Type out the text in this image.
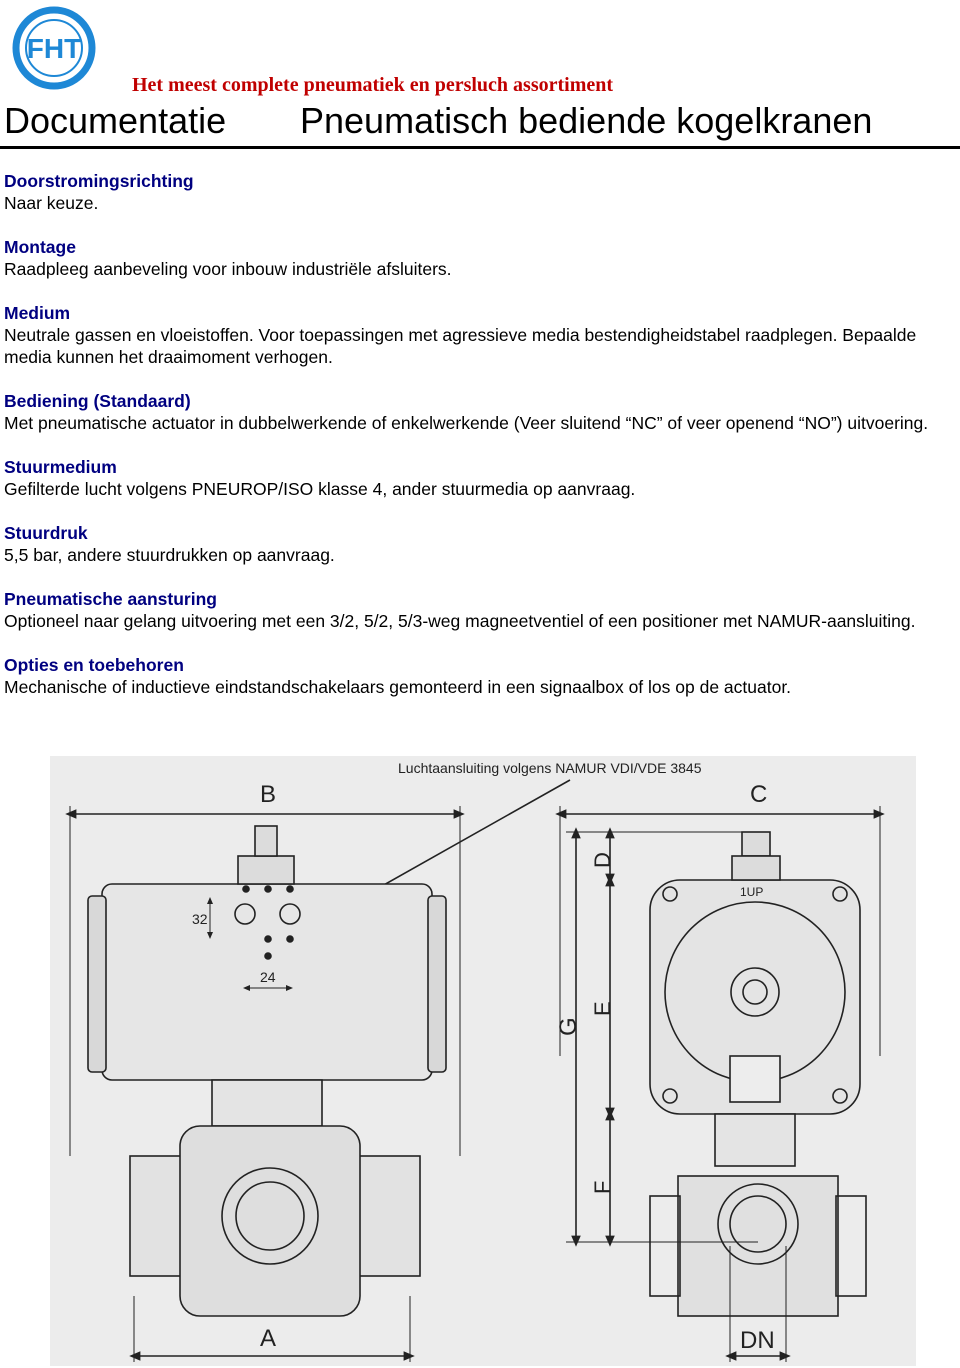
FHT
Het meest complete pneumatiek en persluch assortiment
Documentatie Pneumatisch bediende kogelkranen
Doorstromingsrichting
Naar keuze.
Montage
Raadpleeg aanbeveling voor inbouw industriële afsluiters.
Medium
Neutrale gassen en vloeistoffen. Voor toepassingen met agressieve media bestendigheidstabel raadplegen. Bepaalde media kunnen het draaimoment verhogen.
Bediening (Standaard)
Met pneumatische actuator in dubbelwerkende of enkelwerkende (Veer sluitend “NC” of veer openend “NO”) uitvoering.
Stuurmedium
Gefilterde lucht volgens PNEUROP/ISO klasse 4, ander stuurmedia op aanvraag.
Stuurdruk
5,5 bar, andere stuurdrukken op aanvraag.
Pneumatische aansturing
Optioneel naar gelang uitvoering met een 3/2, 5/2, 5/3-weg magneetventiel of een positioner met NAMUR-aansluiting.
Opties en toebehoren
Mechanische of inductieve eindstandschakelaars gemonteerd in een signaalbox of los op de actuator.
Luchtaansluiting volgens NAMUR VDI/VDE 3845
B
32
24
A
C
1UP
DN
G
D
E
F
